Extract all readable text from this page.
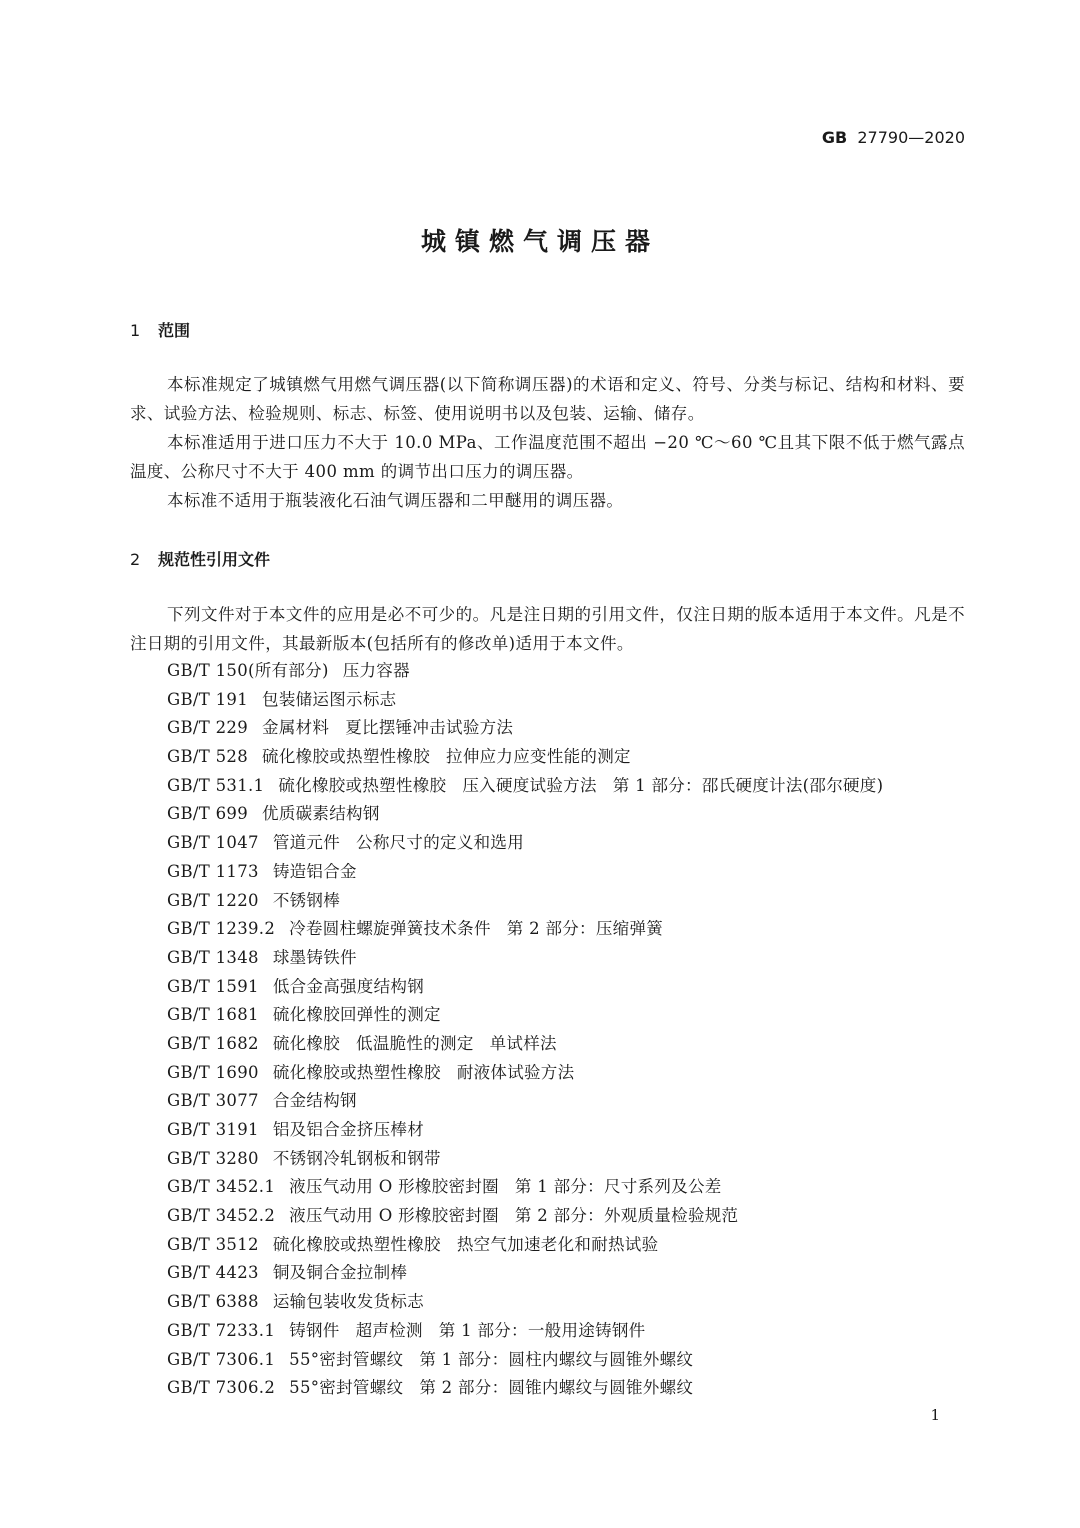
GB 27790—2020
城镇燃气调压器
1 范围
本标准规定了城镇燃气用燃气调压器(以下简称调压器)的术语和定义、符号、分类与标记、结构和材料、要求、试验方法、检验规则、标志、标签、使用说明书以及包装、运输、储存。
本标准适用于进口压力不大于 10.0 MPa、工作温度范围不超出 −20 ℃～60 ℃且其下限不低于燃气露点温度、公称尺寸不大于 400 mm 的调节出口压力的调压器。
本标准不适用于瓶装液化石油气调压器和二甲醚用的调压器。
2 规范性引用文件
下列文件对于本文件的应用是必不可少的。凡是注日期的引用文件，仅注日期的版本适用于本文件。凡是不注日期的引用文件，其最新版本(包括所有的修改单)适用于本文件。
GB/T 150(所有部分) 压力容器
GB/T 191 包装储运图示标志
GB/T 229 金属材料 夏比摆锤冲击试验方法
GB/T 528 硫化橡胶或热塑性橡胶 拉伸应力应变性能的测定
GB/T 531.1 硫化橡胶或热塑性橡胶 压入硬度试验方法 第 1 部分：邵氏硬度计法(邵尔硬度)
GB/T 699 优质碳素结构钢
GB/T 1047 管道元件 公称尺寸的定义和选用
GB/T 1173 铸造铝合金
GB/T 1220 不锈钢棒
GB/T 1239.2 冷卷圆柱螺旋弹簧技术条件 第 2 部分：压缩弹簧
GB/T 1348 球墨铸铁件
GB/T 1591 低合金高强度结构钢
GB/T 1681 硫化橡胶回弹性的测定
GB/T 1682 硫化橡胶 低温脆性的测定 单试样法
GB/T 1690 硫化橡胶或热塑性橡胶 耐液体试验方法
GB/T 3077 合金结构钢
GB/T 3191 铝及铝合金挤压棒材
GB/T 3280 不锈钢冷轧钢板和钢带
GB/T 3452.1 液压气动用 O 形橡胶密封圈 第 1 部分：尺寸系列及公差
GB/T 3452.2 液压气动用 O 形橡胶密封圈 第 2 部分：外观质量检验规范
GB/T 3512 硫化橡胶或热塑性橡胶 热空气加速老化和耐热试验
GB/T 4423 铜及铜合金拉制棒
GB/T 6388 运输包装收发货标志
GB/T 7233.1 铸钢件 超声检测 第 1 部分：一般用途铸钢件
GB/T 7306.1 55°密封管螺纹 第 1 部分：圆柱内螺纹与圆锥外螺纹
GB/T 7306.2 55°密封管螺纹 第 2 部分：圆锥内螺纹与圆锥外螺纹
1
